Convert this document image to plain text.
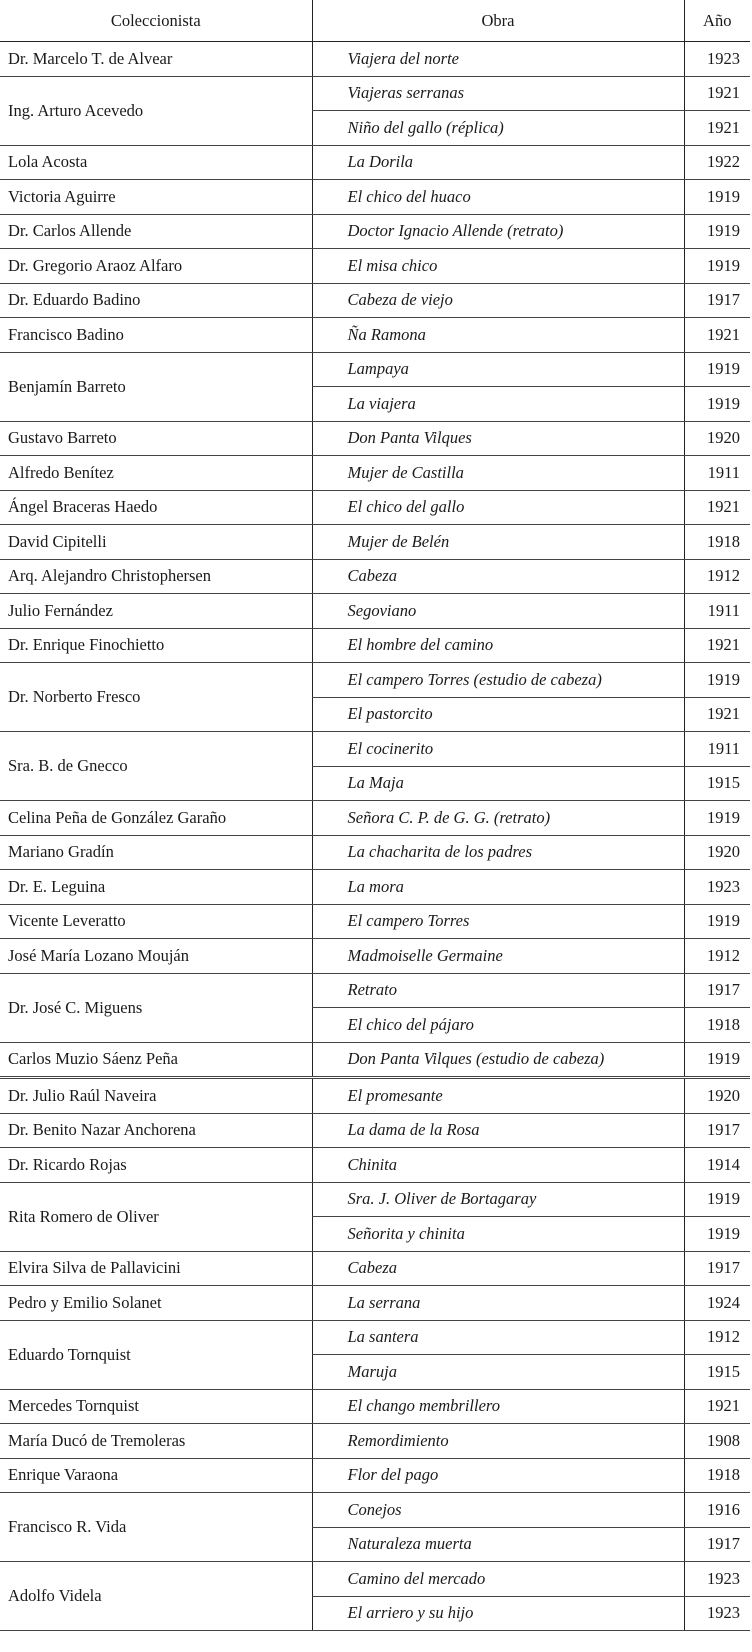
Coleccionista	Obra	Año
Dr. Marcelo T. de Alvear	Viajera del norte	1923
Ing. Arturo Acevedo	Viajeras serranas	1921
	Niño del gallo (réplica)	1921
Lola Acosta	La Dorila	1922
Victoria Aguirre	El chico del huaco	1919
Dr. Carlos Allende	Doctor Ignacio Allende (retrato)	1919
Dr. Gregorio Araoz Alfaro	El misa chico	1919
Dr. Eduardo Badino	Cabeza de viejo	1917
Francisco Badino	Ña Ramona	1921
Benjamín Barreto	Lampaya	1919
	La viajera	1919
Gustavo Barreto	Don Panta Vilques	1920
Alfredo Benítez	Mujer de Castilla	1911
Ángel Braceras Haedo	El chico del gallo	1921
David Cipitelli	Mujer de Belén	1918
Arq. Alejandro Christophersen	Cabeza	1912
Julio Fernández	Segoviano	1911
Dr. Enrique Finochietto	El hombre del camino	1921
Dr. Norberto Fresco	El campero Torres (estudio de cabeza)	1919
	El pastorcito	1921
Sra. B. de Gnecco	El cocinerito	1911
	La Maja	1915
Celina Peña de González Garaño	Señora C. P. de G. G. (retrato)	1919
Mariano Gradín	La chacharita de los padres	1920
Dr. E. Leguina	La mora	1923
Vicente Leveratto	El campero Torres	1919
José María Lozano Mouján	Madmoiselle Germaine	1912
Dr. José C. Miguens	Retrato	1917
	El chico del pájaro	1918
Carlos Muzio Sáenz Peña	Don Panta Vilques (estudio de cabeza)	1919
Dr. Julio Raúl Naveira	El promesante	1920
Dr. Benito Nazar Anchorena	La dama de la Rosa	1917
Dr. Ricardo Rojas	Chinita	1914
Rita Romero de Oliver	Sra. J. Oliver de Bortagaray	1919
	Señorita y chinita	1919
Elvira Silva de Pallavicini	Cabeza	1917
Pedro y Emilio Solanet	La serrana	1924
Eduardo Tornquist	La santera	1912
	Maruja	1915
Mercedes Tornquist	El chango membrillero	1921
María Ducó de Tremoleras	Remordimiento	1908
Enrique Varaona	Flor del pago	1918
Francisco R. Vida	Conejos	1916
	Naturaleza muerta	1917
Adolfo Videla	Camino del mercado	1923
	El arriero y su hijo	1923
